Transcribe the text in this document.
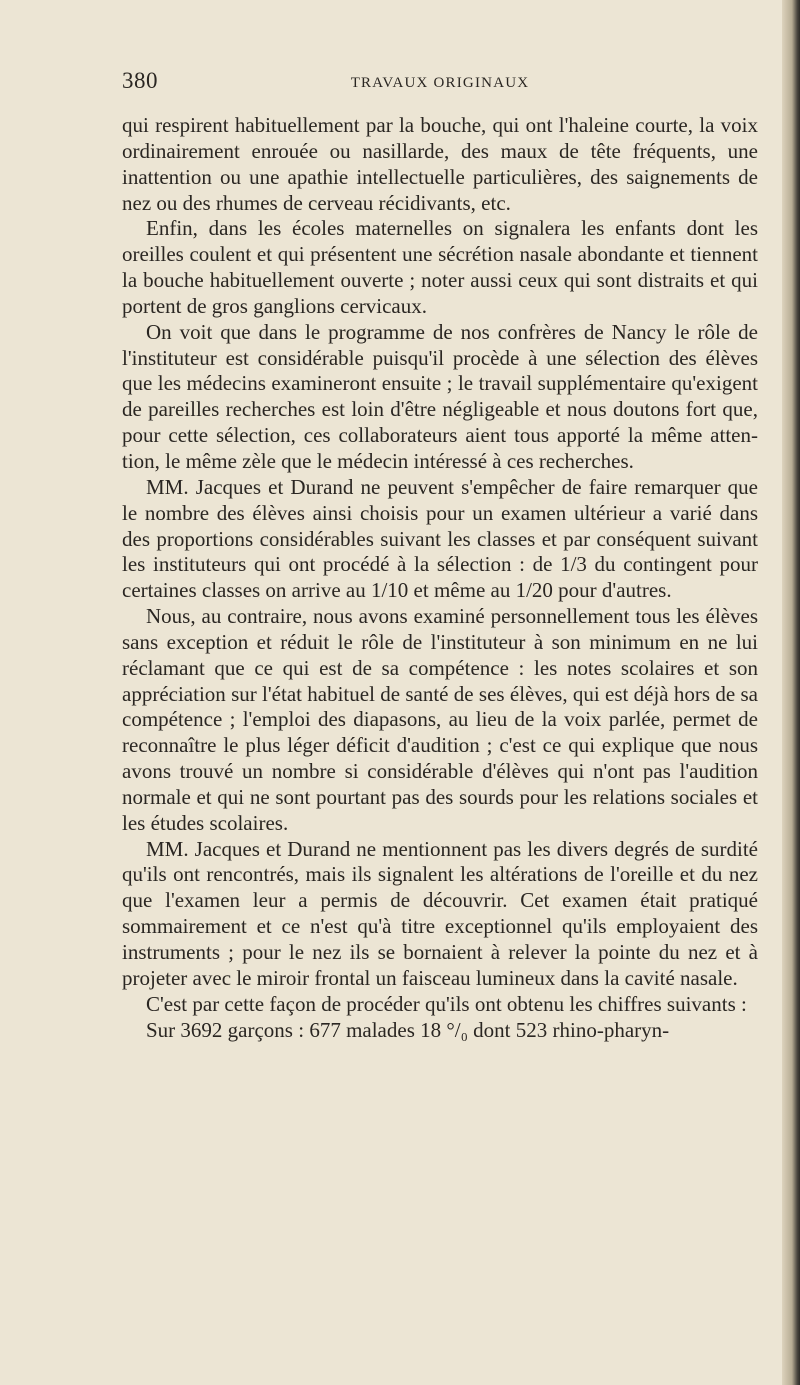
380	TRAVAUX ORIGINAUX

qui respirent habituellement par la bouche, qui ont l'haleine courte, la voix ordinairement enrouée ou nasillarde, des maux de tête fréquents, une inattention ou une apathie intellectuelle particulières, des saignements de nez ou des rhumes de cerveau récidivants, etc.

Enfin, dans les écoles maternelles on signalera les enfants dont les oreilles coulent et qui présentent une sécrétion nasale abondante et tiennent la bouche habituellement ouverte ; noter aussi ceux qui sont distraits et qui portent de gros ganglions cervicaux.

On voit que dans le programme de nos confrères de Nancy le rôle de l'instituteur est considérable puisqu'il procède à une sélection des élèves que les médecins examineront ensuite ; le travail supplémentaire qu'exigent de pareilles recherches est loin d'être négligeable et nous doutons fort que, pour cette sélection, ces collaborateurs aient tous apporté la même attention, le même zèle que le médecin intéressé à ces recherches.

MM. Jacques et Durand ne peuvent s'empêcher de faire remarquer que le nombre des élèves ainsi choisis pour un examen ultérieur a varié dans des proportions considérables suivant les classes et par conséquent suivant les instituteurs qui ont procédé à la sélection : de 1/3 du contingent pour certaines classes on arrive au 1/10 et même au 1/20 pour d'autres.

Nous, au contraire, nous avons examiné personnellement tous les élèves sans exception et réduit le rôle de l'instituteur à son minimum en ne lui réclamant que ce qui est de sa compétence : les notes scolaires et son appréciation sur l'état habituel de santé de ses élèves, qui est déjà hors de sa compétence ; l'emploi des diapasons, au lieu de la voix parlée, permet de reconnaître le plus léger déficit d'audition ; c'est ce qui explique que nous avons trouvé un nombre si considérable d'élèves qui n'ont pas l'audition normale et qui ne sont pourtant pas des sourds pour les relations sociales et les études scolaires.

MM. Jacques et Durand ne mentionnent pas les divers degrés de surdité qu'ils ont rencontrés, mais ils signalent les altérations de l'oreille et du nez que l'examen leur a permis de découvrir. Cet examen était pratiqué sommairement et ce n'est qu'à titre exceptionnel qu'ils employaient des instruments ; pour le nez ils se bornaient à relever la pointe du nez et à projeter avec le miroir frontal un faisceau lumineux dans la cavité nasale.

C'est par cette façon de procéder qu'ils ont obtenu les chiffres suivants :

Sur 3692 garçons : 677 malades 18 °/₀ dont 523 rhino-pharyn-
